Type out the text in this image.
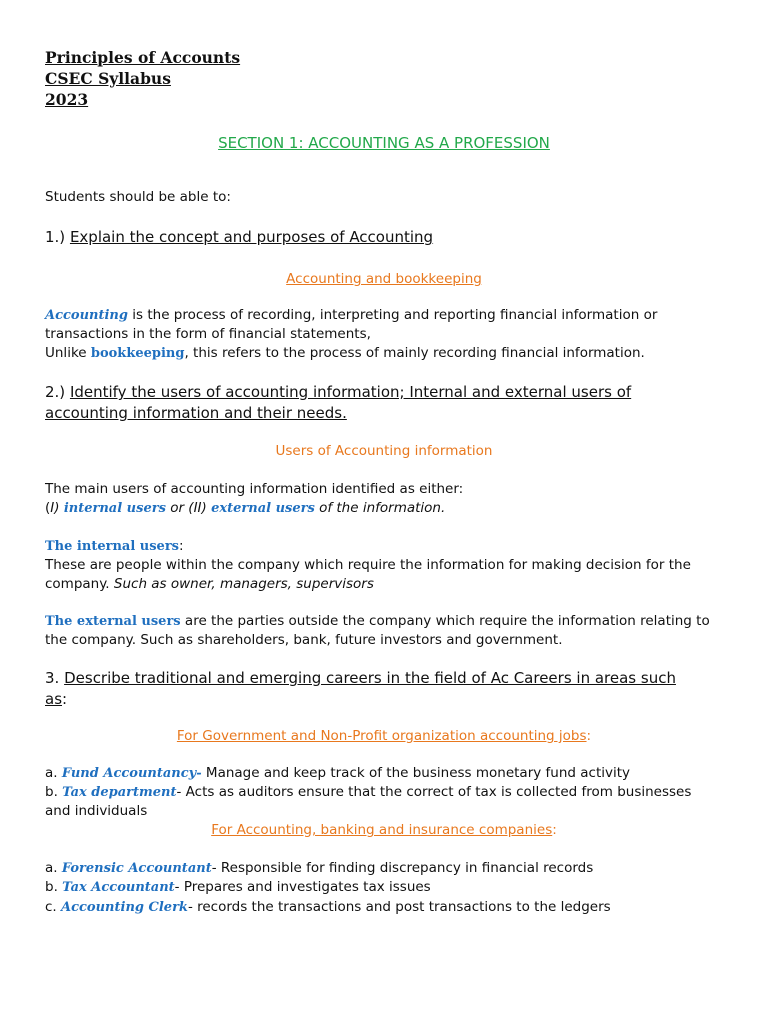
Principles of Accounts
CSEC Syllabus
2023
SECTION 1: ACCOUNTING AS A PROFESSION
Students should be able to:
1.) Explain the concept and purposes of Accounting
Accounting and bookkeeping
Accounting is the process of recording, interpreting and reporting financial information or
transactions in the form of financial statements,
Unlike bookkeeping, this refers to the process of mainly recording financial information.
2.) Identify the users of accounting information; Internal and external users of
accounting information and their needs.
Users of Accounting information
The main users of accounting information identified as either:
(I) internal users or (II) external users of the information.
The internal users:
These are people within the company which require the information for making decision for the
company. Such as owner, managers, supervisors
The external users are the parties outside the company which require the information relating to
the company. Such as shareholders, bank, future investors and government.
3. Describe traditional and emerging careers in the field of Ac Careers in areas such
as:
For Government and Non-Profit organization accounting jobs:
a. Fund Accountancy- Manage and keep track of the business monetary fund activity
b. Tax department- Acts as auditors ensure that the correct of tax is collected from businesses
and individuals
For Accounting, banking and insurance companies:
a. Forensic Accountant- Responsible for finding discrepancy in financial records
b. Tax Accountant- Prepares and investigates tax issues
c. Accounting Clerk- records the transactions and post transactions to the ledgers
